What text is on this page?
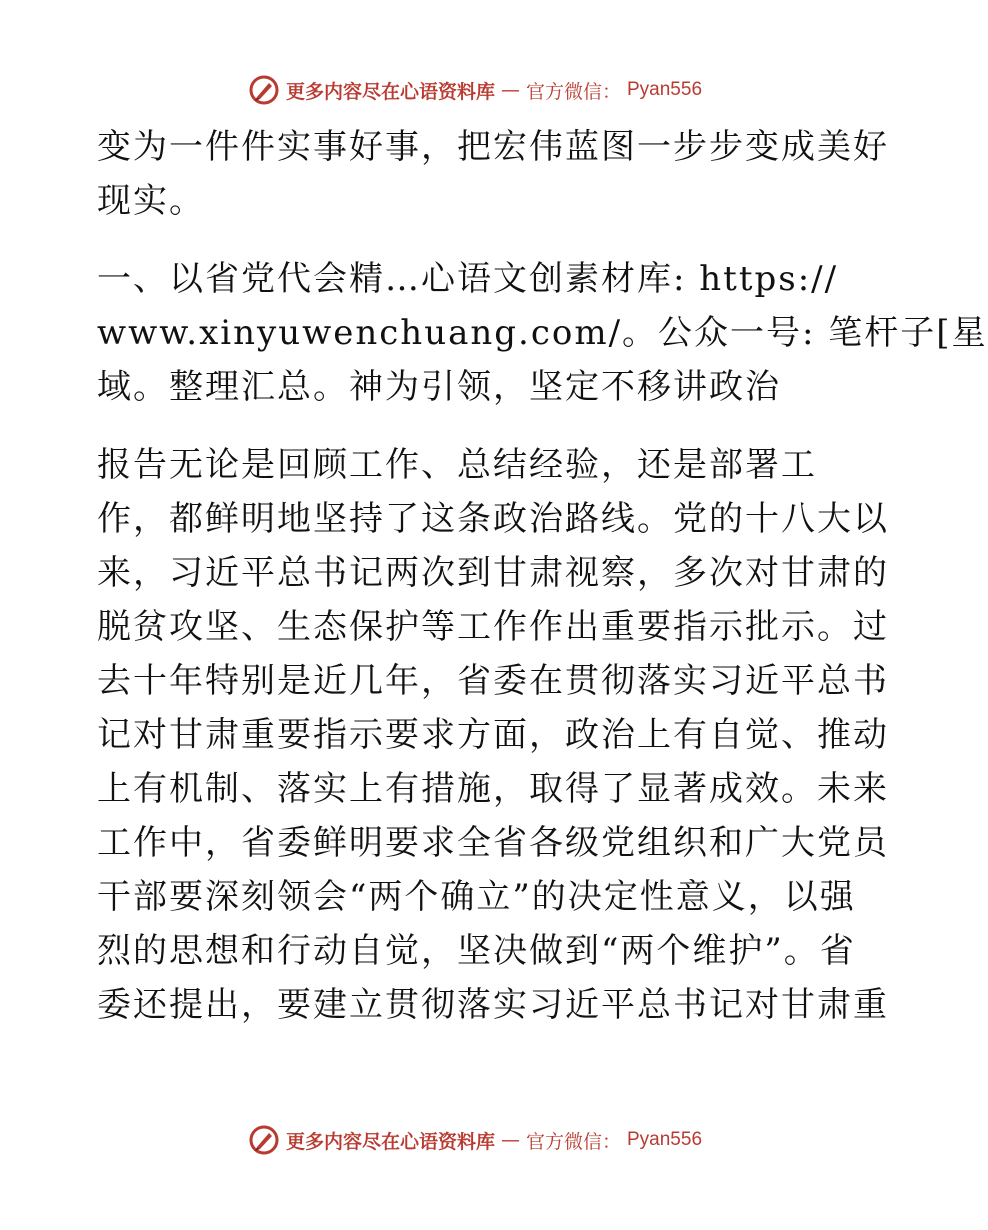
更多内容尽在心语资料库 — 官方微信： Pyan556
变为一件件实事好事，把宏伟蓝图一步步变成美好
现实。
一、以省党代会精…心语文创素材库: https://
www.xinyuwenchuang.com/。公众一号: 笔杆子[星
域。整理汇总。神为引领，坚定不移讲政治
报告无论是回顾工作、总结经验，还是部署工
作，都鲜明地坚持了这条政治路线。党的十八大以
来，习近平总书记两次到甘肃视察，多次对甘肃的
脱贫攻坚、生态保护等工作作出重要指示批示。过
去十年特别是近几年，省委在贯彻落实习近平总书
记对甘肃重要指示要求方面，政治上有自觉、推动
上有机制、落实上有措施，取得了显著成效。未来
工作中，省委鲜明要求全省各级党组织和广大党员
干部要深刻领会“两个确立”的决定性意义，以强
烈的思想和行动自觉，坚决做到“两个维护”。省
委还提出，要建立贯彻落实习近平总书记对甘肃重
更多内容尽在心语资料库 — 官方微信： Pyan556
